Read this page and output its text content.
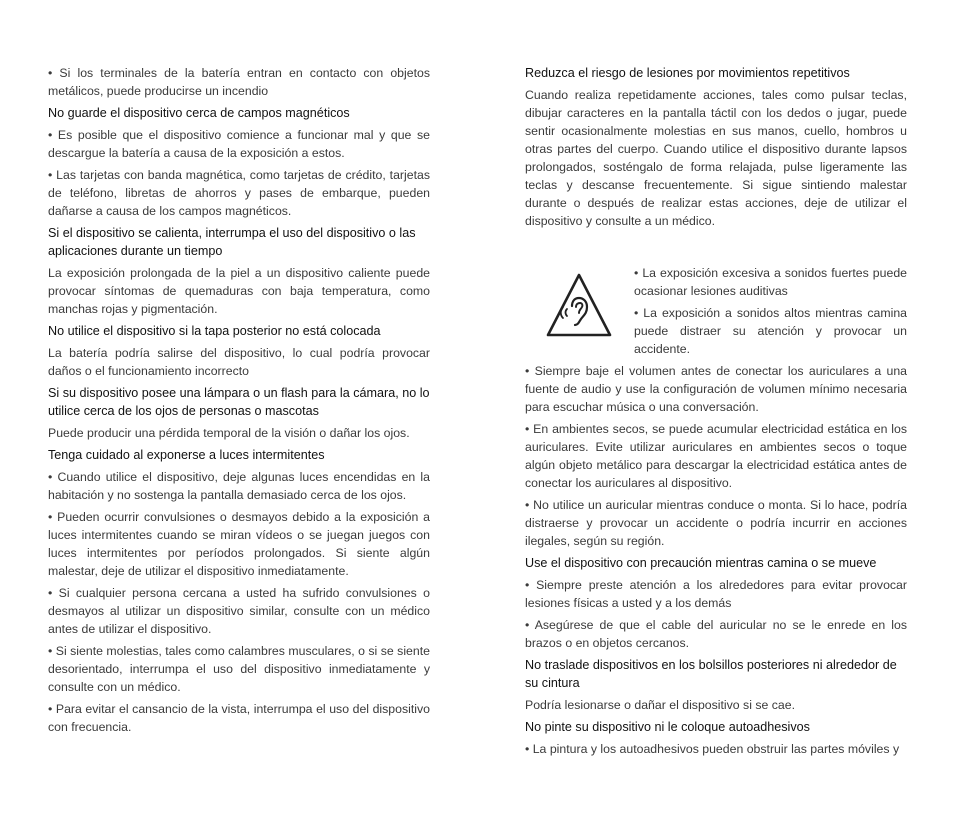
• Si los terminales de la batería entran en contacto con objetos metálicos, puede producirse un incendio

No guarde el dispositivo cerca de campos magnéticos

• Es posible que el dispositivo comience a funcionar mal y que se descargue la batería a causa de la exposición a estos.

• Las tarjetas con banda magnética, como tarjetas de crédito, tarjetas de teléfono, libretas de ahorros y pases de embarque, pueden dañarse a causa de los campos magnéticos.

Si el dispositivo se calienta, interrumpa el uso del dispositivo o las aplicaciones durante un tiempo

La exposición prolongada de la piel a un dispositivo caliente puede provocar síntomas de quemaduras con baja temperatura, como manchas rojas y pigmentación.

No utilice el dispositivo si la tapa posterior no está colocada

La batería podría salirse del dispositivo, lo cual podría provocar daños o el funcionamiento incorrecto

Si su dispositivo posee una lámpara o un flash para la cámara, no lo utilice cerca de los ojos de personas o mascotas

Puede producir una pérdida temporal de la visión o dañar los ojos.

Tenga cuidado al exponerse a luces intermitentes

• Cuando utilice el dispositivo, deje algunas luces encendidas en la habitación y no sostenga la pantalla demasiado cerca de los ojos.

• Pueden ocurrir convulsiones o desmayos debido a la exposición a luces intermitentes cuando se miran vídeos o se juegan juegos con luces intermitentes por períodos prolongados. Si siente algún malestar, deje de utilizar el dispositivo inmediatamente.

• Si cualquier persona cercana a usted ha sufrido convulsiones o desmayos al utilizar un dispositivo similar, consulte con un médico antes de utilizar el dispositivo.

• Si siente molestias, tales como calambres musculares, o si se siente desorientado, interrumpa el uso del dispositivo inmediatamente y consulte con un médico.

• Para evitar el cansancio de la vista, interrumpa el uso del dispositivo con frecuencia.

Reduzca el riesgo de lesiones por movimientos repetitivos

Cuando realiza repetidamente acciones, tales como pulsar teclas, dibujar caracteres en la pantalla táctil con los dedos o jugar, puede sentir ocasionalmente molestias en sus manos, cuello, hombros u otras partes del cuerpo. Cuando utilice el dispositivo durante lapsos prolongados, sosténgalo de forma relajada, pulse ligeramente las teclas y descanse frecuentemente. Si sigue sintiendo malestar durante o después de realizar estas acciones, deje de utilizar el dispositivo y consulte a un médico.

• La exposición excesiva a sonidos fuertes puede ocasionar lesiones auditivas

• La exposición a sonidos altos mientras camina puede distraer su atención y provocar un accidente.

• Siempre baje el volumen antes de conectar los auriculares a una fuente de audio y use la configuración de volumen mínimo necesaria para escuchar música o una conversación.

• En ambientes secos, se puede acumular electricidad estática en los auriculares. Evite utilizar auriculares en ambientes secos o toque algún objeto metálico para descargar la electricidad estática antes de conectar los auriculares al dispositivo.

• No utilice un auricular mientras conduce o monta. Si lo hace, podría distraerse y provocar un accidente o podría incurrir en acciones ilegales, según su región.

Use el dispositivo con precaución mientras camina o se mueve

• Siempre preste atención a los alrededores para evitar provocar lesiones físicas a usted y a los demás

• Asegúrese de que el cable del auricular no se le enrede en los brazos o en objetos cercanos.

No traslade dispositivos en los bolsillos posteriores ni alrededor de su cintura

Podría lesionarse o dañar el dispositivo si se cae.

No pinte su dispositivo ni le coloque autoadhesivos

• La pintura y los autoadhesivos pueden obstruir las partes móviles y
